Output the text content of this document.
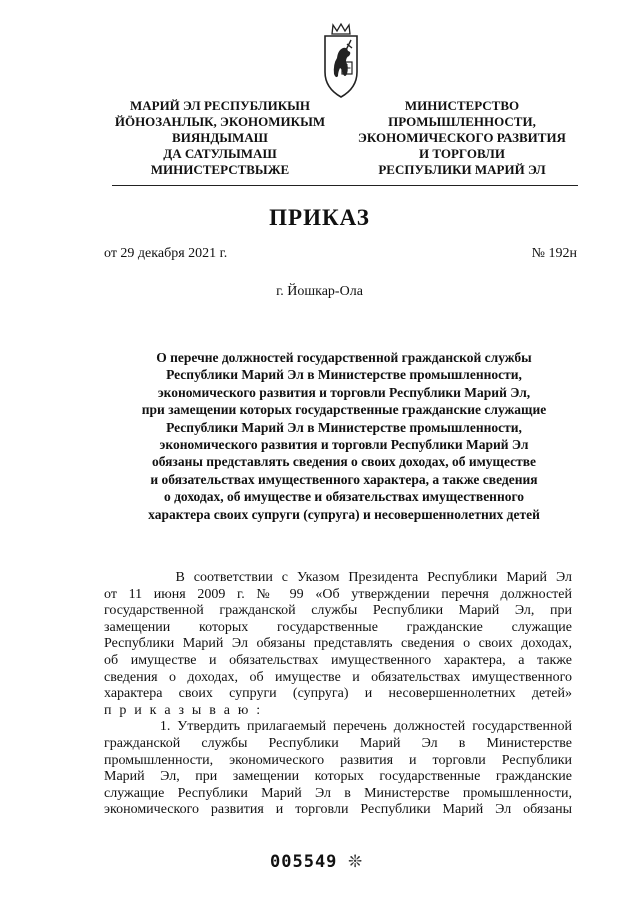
МАРИЙ ЭЛ РЕСПУБЛИКЫН
ЙÖНОЗАНЛЫК, ЭКОНОМИКЫМ
ВИЯНДЫМАШ
ДА САТУЛЫМАШ
МИНИСТЕРСТВЫЖЕ
МИНИСТЕРСТВО
ПРОМЫШЛЕННОСТИ,
ЭКОНОМИЧЕСКОГО РАЗВИТИЯ
И ТОРГОВЛИ
РЕСПУБЛИКИ МАРИЙ ЭЛ
ПРИКАЗ
от 29 декабря 2021 г.	№ 192н
г. Йошкар-Ола
О перечне должностей государственной гражданской службы
Республики Марий Эл в Министерстве промышленности,
экономического развития и торговли Республики Марий Эл,
при замещении которых государственные гражданские служащие
Республики Марий Эл в Министерстве промышленности,
экономического развития и торговли Республики Марий Эл
обязаны представлять сведения о своих доходах, об имуществе
и обязательствах имущественного характера, а также сведения
о доходах, об имуществе и обязательствах имущественного
характера своих супруги (супруга) и несовершеннолетних детей
В соответствии с Указом Президента Республики Марий Эл
от 11 июня 2009 г. № 99 «Об утверждении перечня должностей
государственной гражданской службы Республики Марий Эл, при
замещении которых государственные гражданские служащие
Республики Марий Эл обязаны представлять сведения о своих доходах,
об имуществе и обязательствах имущественного характера, а также
сведения о доходах, об имуществе и обязательствах имущественного
характера своих супруги (супруга) и несовершеннолетних детей»
п р и к а з ы в а ю :
1. Утвердить прилагаемый перечень должностей государственной
гражданской службы Республики Марий Эл в Министерстве
промышленности, экономического развития и торговли Республики
Марий Эл, при замещении которых государственные гражданские
служащие Республики Марий Эл в Министерстве промышленности,
экономического развития и торговли Республики Марий Эл обязаны
005549 ❊
